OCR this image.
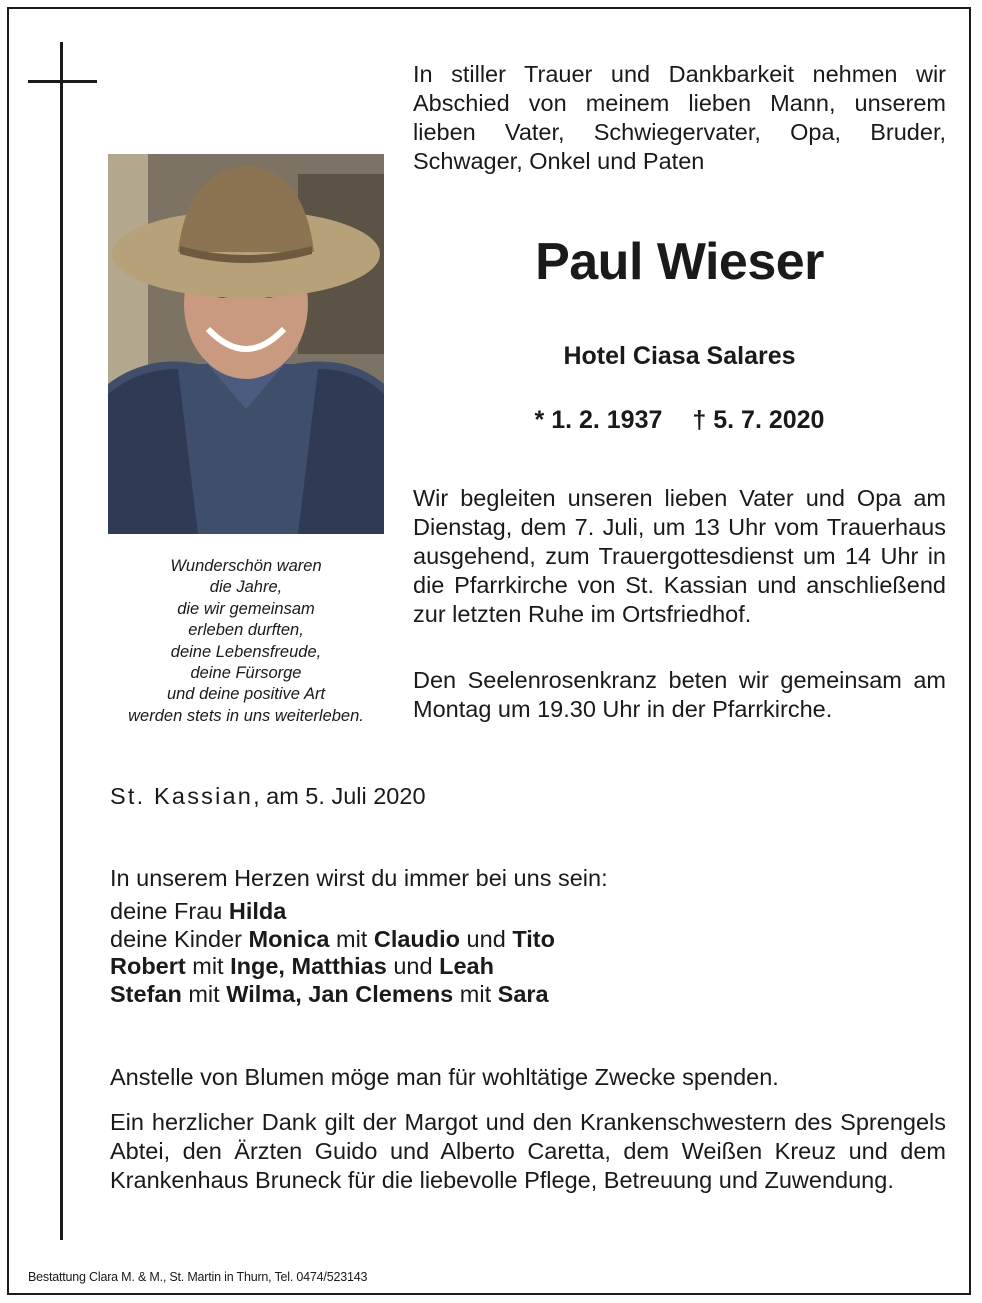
In stiller Trauer und Dankbarkeit nehmen wir Abschied von meinem lieben Mann, unserem lieben Vater, Schwiegervater, Opa, Bruder, Schwager, Onkel und Paten

Paul Wieser

Hotel Ciasa Salares

* 1. 2. 1937 † 5. 7. 2020

Wunderschön waren
die Jahre,
die wir gemeinsam
erleben durften,
deine Lebensfreude,
deine Fürsorge
und deine positive Art
werden stets in uns weiterleben.

Wir begleiten unseren lieben Vater und Opa am Dienstag, dem 7. Juli, um 13 Uhr vom Trauerhaus ausgehend, zum Trauergottesdienst um 14 Uhr in die Pfarrkirche von St. Kassian und anschließend zur letzten Ruhe im Ortsfriedhof.

Den Seelenrosenkranz beten wir gemeinsam am Montag um 19.30 Uhr in der Pfarrkirche.

St. Kassian, am 5. Juli 2020

In unserem Herzen wirst du immer bei uns sein:

deine Frau Hilda
deine Kinder Monica mit Claudio und Tito
Robert mit Inge, Matthias und Leah
Stefan mit Wilma, Jan Clemens mit Sara

Anstelle von Blumen möge man für wohltätige Zwecke spenden.

Ein herzlicher Dank gilt der Margot und den Krankenschwestern des Sprengels Abtei, den Ärzten Guido und Alberto Caretta, dem Weißen Kreuz und dem Krankenhaus Bruneck für die liebevolle Pflege, Betreuung und Zuwendung.

Bestattung Clara M. & M., St. Martin in Thurn, Tel. 0474/523143
